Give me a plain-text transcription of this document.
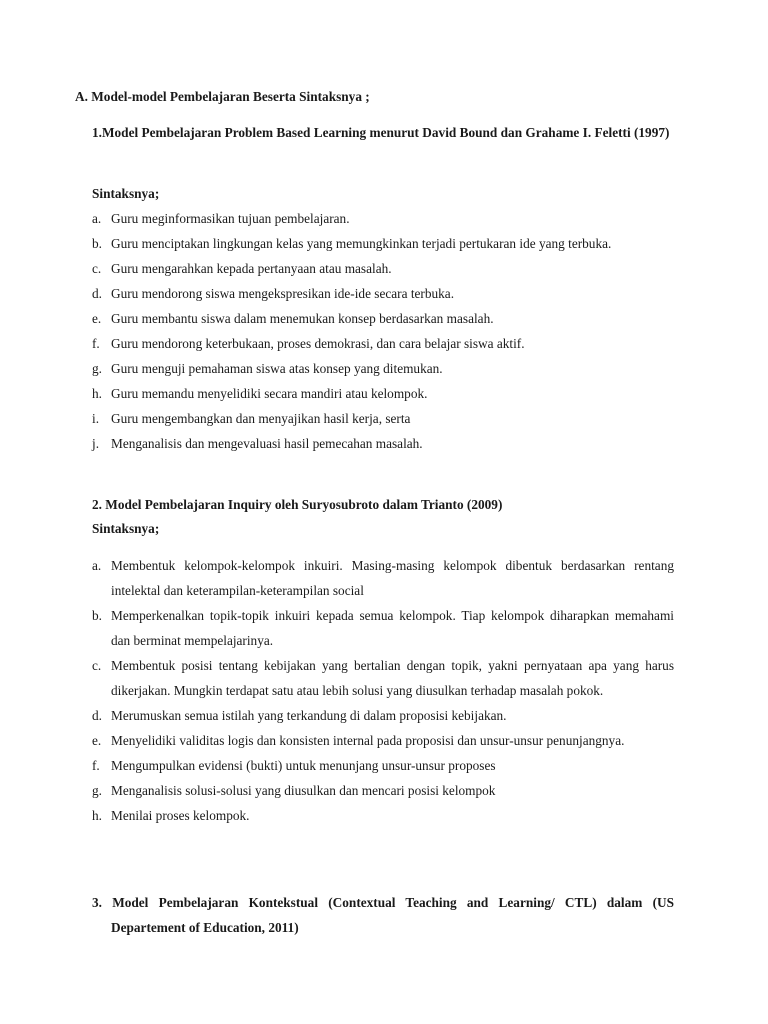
A. Model-model Pembelajaran Beserta Sintaksnya ;
1.Model Pembelajaran Problem Based Learning menurut David Bound dan Grahame I. Feletti (1997)
Sintaksnya;
a. Guru meginformasikan tujuan pembelajaran.
b. Guru menciptakan lingkungan kelas yang memungkinkan terjadi pertukaran ide yang terbuka.
c. Guru mengarahkan kepada pertanyaan atau masalah.
d. Guru mendorong siswa mengekspresikan ide-ide secara terbuka.
e. Guru membantu siswa dalam menemukan konsep berdasarkan masalah.
f. Guru mendorong keterbukaan, proses demokrasi, dan cara belajar siswa aktif.
g. Guru menguji pemahaman siswa atas konsep yang ditemukan.
h. Guru memandu menyelidiki secara mandiri atau kelompok.
i. Guru mengembangkan dan menyajikan hasil kerja, serta
j. Menganalisis dan mengevaluasi hasil pemecahan masalah.
2. Model Pembelajaran Inquiry oleh Suryosubroto dalam Trianto (2009)
Sintaksnya;
a. Membentuk kelompok-kelompok inkuiri. Masing-masing kelompok dibentuk berdasarkan rentang intelektal dan keterampilan-keterampilan social
b. Memperkenalkan topik-topik inkuiri kepada semua kelompok. Tiap kelompok diharapkan memahami dan berminat mempelajarinya.
c. Membentuk posisi tentang kebijakan yang bertalian dengan topik, yakni pernyataan apa yang harus dikerjakan. Mungkin terdapat satu atau lebih solusi yang diusulkan terhadap masalah pokok.
d. Merumuskan semua istilah yang terkandung di dalam proposisi kebijakan.
e. Menyelidiki validitas logis dan konsisten internal pada proposisi dan unsur-unsur penunjangnya.
f. Mengumpulkan evidensi (bukti) untuk menunjang unsur-unsur proposes
g. Menganalisis solusi-solusi yang diusulkan dan mencari posisi kelompok
h. Menilai proses kelompok.
3. Model Pembelajaran Kontekstual (Contextual Teaching and Learning/ CTL) dalam (US Departement of Education, 2011)
